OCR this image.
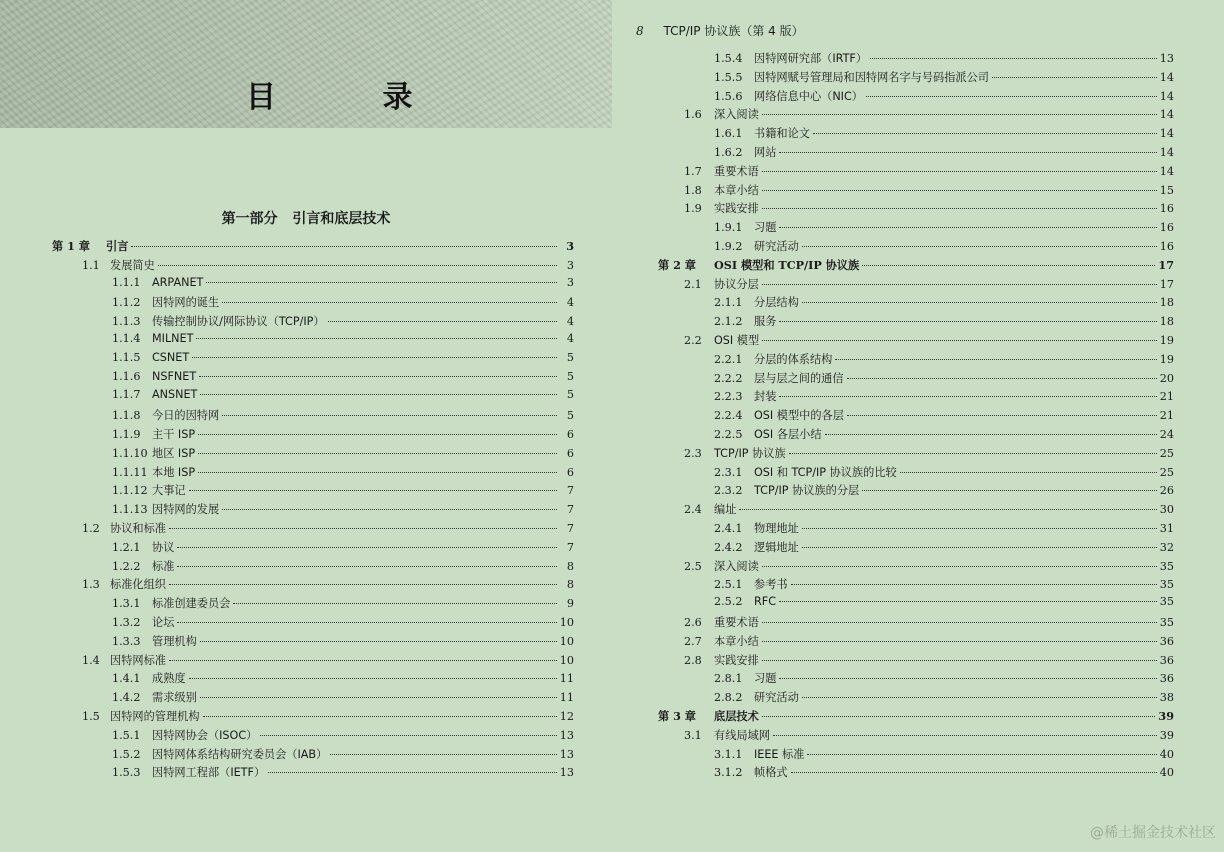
目 录
第一部分 引言和底层技术
第 1 章	引言	3
1.1 发展简史	3
1.1.1	ARPANET	3
1.1.2	因特网的诞生	4
1.1.3	传输控制协议/网际协议（TCP/IP）	4
1.1.4	MILNET	4
1.1.5	CSNET	5
1.1.6	NSFNET	5
1.1.7	ANSNET	5
1.1.8	今日的因特网	5
1.1.9	主干 ISP	6
1.1.10 地区 ISP	6
1.1.11 本地 ISP	6
1.1.12 大事记	7
1.1.13 因特网的发展	7
1.2 协议和标准	7
1.2.1	协议	7
1.2.2	标准	8
1.3 标准化组织	8
1.3.1	标准创建委员会	9
1.3.2	论坛	10
1.3.3	管理机构	10
1.4 因特网标准	10
1.4.1	成熟度	11
1.4.2	需求级别	11
1.5 因特网的管理机构	12
1.5.1	因特网协会（ISOC）	13
1.5.2	因特网体系结构研究委员会（IAB）	13
1.5.3	因特网工程部（IETF）	13
8 TCP/IP 协议族（第 4 版）
1.5.4	因特网研究部（IRTF）	13
1.5.5	因特网赋号管理局和因特网名字与号码指派公司	14
1.5.6	网络信息中心（NIC）	14
1.6	深入阅读	14
1.6.1	书籍和论文	14
1.6.2	网站	14
1.7	重要术语	14
1.8	本章小结	15
1.9	实践安排	16
1.9.1	习题	16
1.9.2	研究活动	16
第 2 章	OSI 模型和 TCP/IP 协议族	17
2.1	协议分层	17
2.1.1	分层结构	18
2.1.2	服务	18
2.2	OSI 模型	19
2.2.1	分层的体系结构	19
2.2.2	层与层之间的通信	20
2.2.3	封装	21
2.2.4	OSI 模型中的各层	21
2.2.5	OSI 各层小结	24
2.3	TCP/IP 协议族	25
2.3.1	OSI 和 TCP/IP 协议族的比较	25
2.3.2	TCP/IP 协议族的分层	26
2.4	编址	30
2.4.1	物理地址	31
2.4.2	逻辑地址	32
2.5	深入阅读	35
2.5.1	参考书	35
2.5.2	RFC	35
2.6	重要术语	35
2.7	本章小结	36
2.8	实践安排	36
2.8.1	习题	36
2.8.2	研究活动	38
第 3 章	底层技术	39
3.1	有线局域网	39
3.1.1	IEEE 标准	40
3.1.2	帧格式	40
@稀土掘金技术社区
